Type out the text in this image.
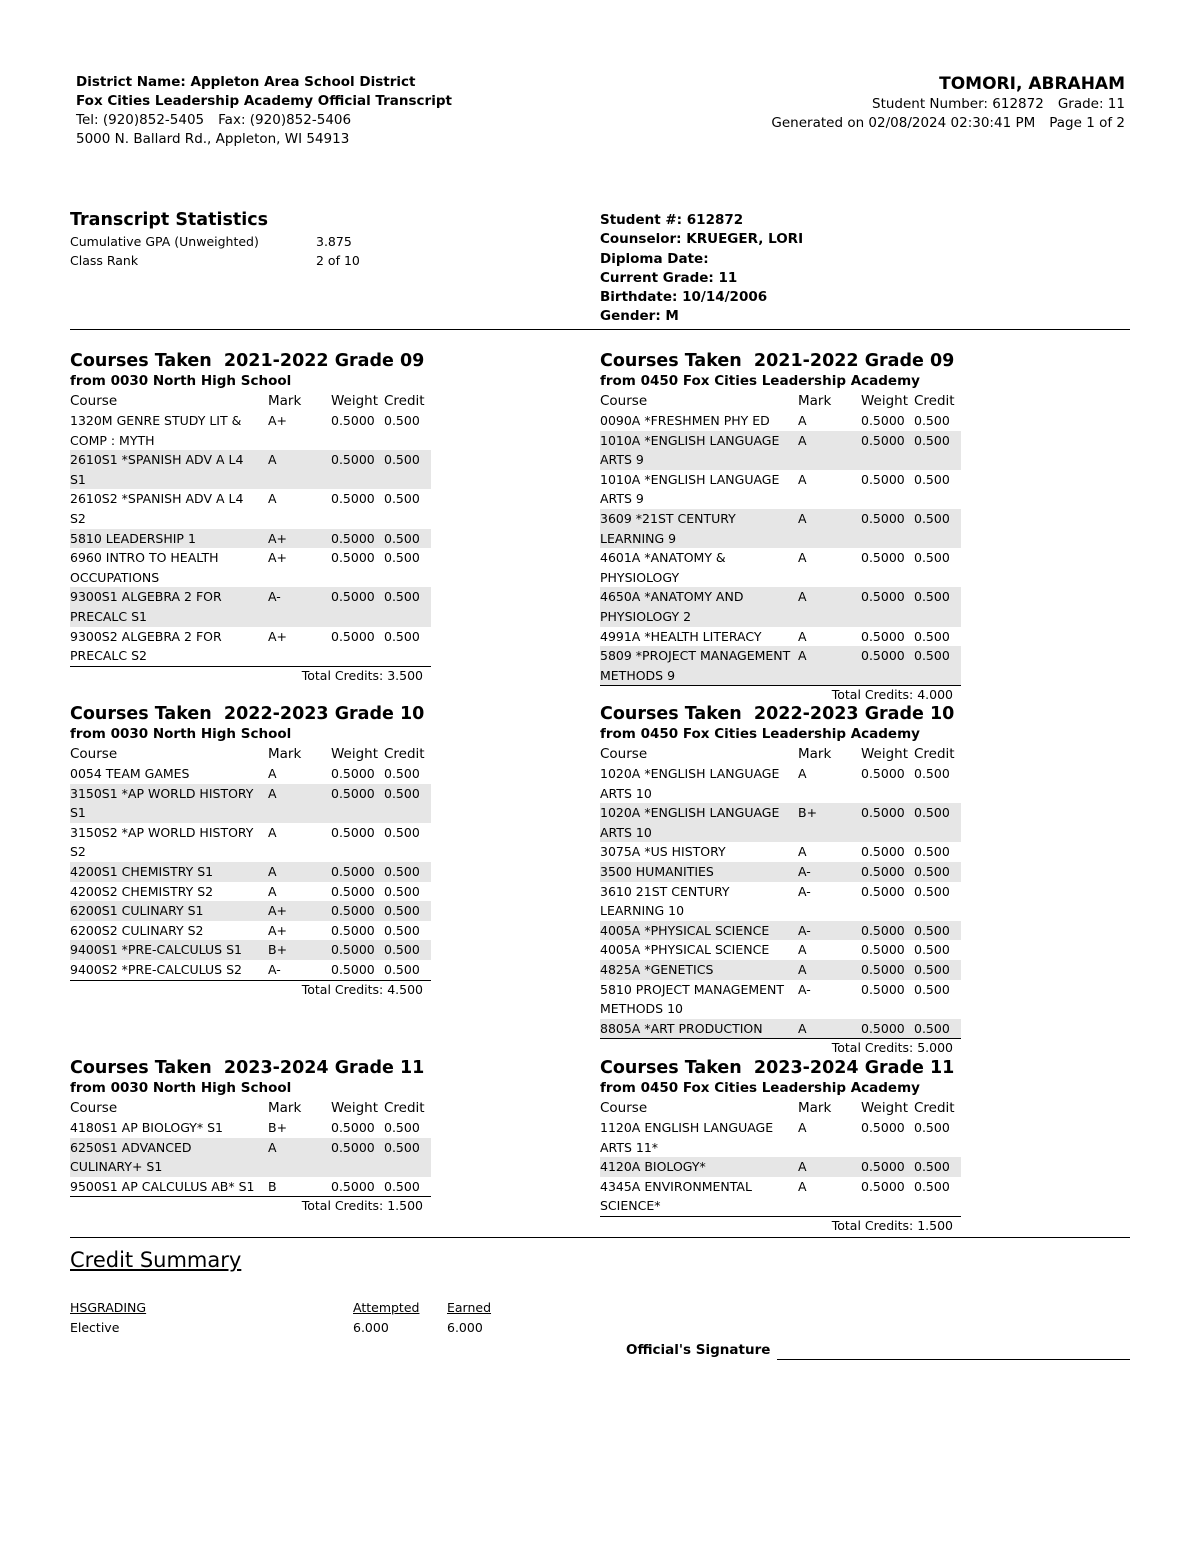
District Name: Appleton Area School District
Fox Cities Leadership Academy Official Transcript
Tel: (920)852-5405 Fax: (920)852-5406
5000 N. Ballard Rd., Appleton, WI 54913
TOMORI, ABRAHAM
Student Number: 612872 Grade: 11
Generated on 02/08/2024 02:30:41 PM Page 1 of 2
Transcript Statistics
Cumulative GPA (Unweighted)	3.875
Class Rank	2 of 10
Student #: 612872
Counselor: KRUEGER, LORI
Diploma Date:
Current Grade: 11
Birthdate: 10/14/2006
Gender: M
Courses Taken  2021-2022 Grade 09
from 0030 North High School
Course	Mark	Weight	Credit
1320M GENRE STUDY LIT & COMP : MYTH	A+	0.5000	0.500
2610S1 *SPANISH ADV A L4 S1	A	0.5000	0.500
2610S2 *SPANISH ADV A L4 S2	A	0.5000	0.500
5810 LEADERSHIP 1	A+	0.5000	0.500
6960 INTRO TO HEALTH OCCUPATIONS	A+	0.5000	0.500
9300S1 ALGEBRA 2 FOR PRECALC S1	A-	0.5000	0.500
9300S2 ALGEBRA 2 FOR PRECALC S2	A+	0.5000	0.500
Total Credits: 3.500
Courses Taken  2021-2022 Grade 09
from 0450 Fox Cities Leadership Academy
Course	Mark	Weight	Credit
0090A *FRESHMEN PHY ED	A	0.5000	0.500
1010A *ENGLISH LANGUAGE ARTS 9	A	0.5000	0.500
1010A *ENGLISH LANGUAGE ARTS 9	A	0.5000	0.500
3609 *21ST CENTURY LEARNING 9	A	0.5000	0.500
4601A *ANATOMY & PHYSIOLOGY	A	0.5000	0.500
4650A *ANATOMY AND PHYSIOLOGY 2	A	0.5000	0.500
4991A *HEALTH LITERACY	A	0.5000	0.500
5809 *PROJECT MANAGEMENT METHODS 9	A	0.5000	0.500
Total Credits: 4.000
Courses Taken  2022-2023 Grade 10
from 0030 North High School
Course	Mark	Weight	Credit
0054 TEAM GAMES	A	0.5000	0.500
3150S1 *AP WORLD HISTORY S1	A	0.5000	0.500
3150S2 *AP WORLD HISTORY S2	A	0.5000	0.500
4200S1 CHEMISTRY S1	A	0.5000	0.500
4200S2 CHEMISTRY S2	A	0.5000	0.500
6200S1 CULINARY S1	A+	0.5000	0.500
6200S2 CULINARY S2	A+	0.5000	0.500
9400S1 *PRE-CALCULUS S1	B+	0.5000	0.500
9400S2 *PRE-CALCULUS S2	A-	0.5000	0.500
Total Credits: 4.500
Courses Taken  2022-2023 Grade 10
from 0450 Fox Cities Leadership Academy
Course	Mark	Weight	Credit
1020A *ENGLISH LANGUAGE ARTS 10	A	0.5000	0.500
1020A *ENGLISH LANGUAGE ARTS 10	B+	0.5000	0.500
3075A *US HISTORY	A	0.5000	0.500
3500 HUMANITIES	A-	0.5000	0.500
3610 21ST CENTURY LEARNING 10	A-	0.5000	0.500
4005A *PHYSICAL SCIENCE	A-	0.5000	0.500
4005A *PHYSICAL SCIENCE	A	0.5000	0.500
4825A *GENETICS	A	0.5000	0.500
5810 PROJECT MANAGEMENT METHODS 10	A-	0.5000	0.500
8805A *ART PRODUCTION	A	0.5000	0.500
Total Credits: 5.000
Courses Taken  2023-2024 Grade 11
from 0030 North High School
Course	Mark	Weight	Credit
4180S1 AP BIOLOGY* S1	B+	0.5000	0.500
6250S1 ADVANCED CULINARY+ S1	A	0.5000	0.500
9500S1 AP CALCULUS AB* S1	B	0.5000	0.500
Total Credits: 1.500
Courses Taken  2023-2024 Grade 11
from 0450 Fox Cities Leadership Academy
Course	Mark	Weight	Credit
1120A ENGLISH LANGUAGE ARTS 11*	A	0.5000	0.500
4120A BIOLOGY*	A	0.5000	0.500
4345A ENVIRONMENTAL SCIENCE*	A	0.5000	0.500
Total Credits: 1.500
Credit Summary
HSGRADING	Attempted Earned
Elective	6.000	6.000
Official's Signature
